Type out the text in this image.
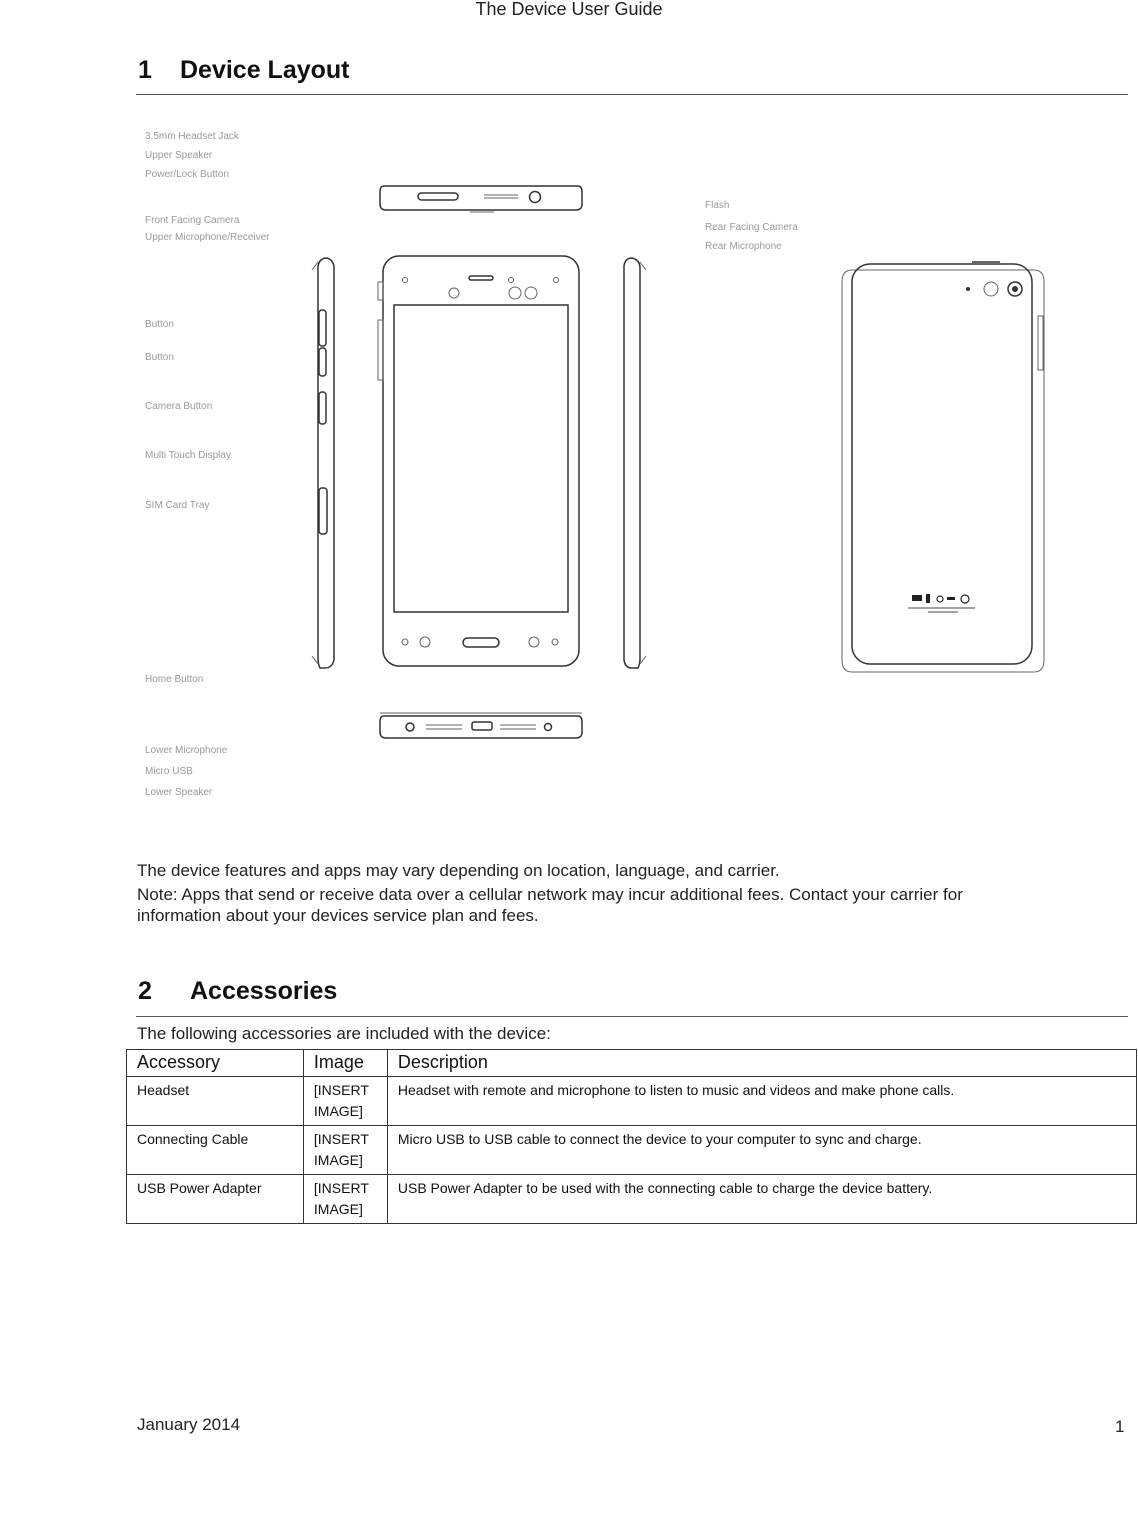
The Device User Guide
1 Device Layout
3.5mm Headset Jack
Upper Speaker
Power/Lock Button
Front Facing Camera
Upper Microphone/Receiver
Button
Button
Camera Button
Multi Touch Display
SIM Card Tray
Home Button
Lower Microphone
Micro USB
Lower Speaker
Flash
Rear Facing Camera
Rear Microphone
The device features and apps may vary depending on location, language, and carrier.
Note: Apps that send or receive data over a cellular network may incur additional fees. Contact your carrier for
information about your devices service plan and fees.
2 Accessories
The following accessories are included with the device:
Accessory	Image	Description
Headset	[INSERT
IMAGE]	Headset with remote and microphone to listen to music and videos and make phone calls.
Connecting Cable	[INSERT
IMAGE]	Micro USB to USB cable to connect the device to your computer to sync and charge.
USB Power Adapter	[INSERT
IMAGE]	USB Power Adapter to be used with the connecting cable to charge the device battery.
January 2014	1
